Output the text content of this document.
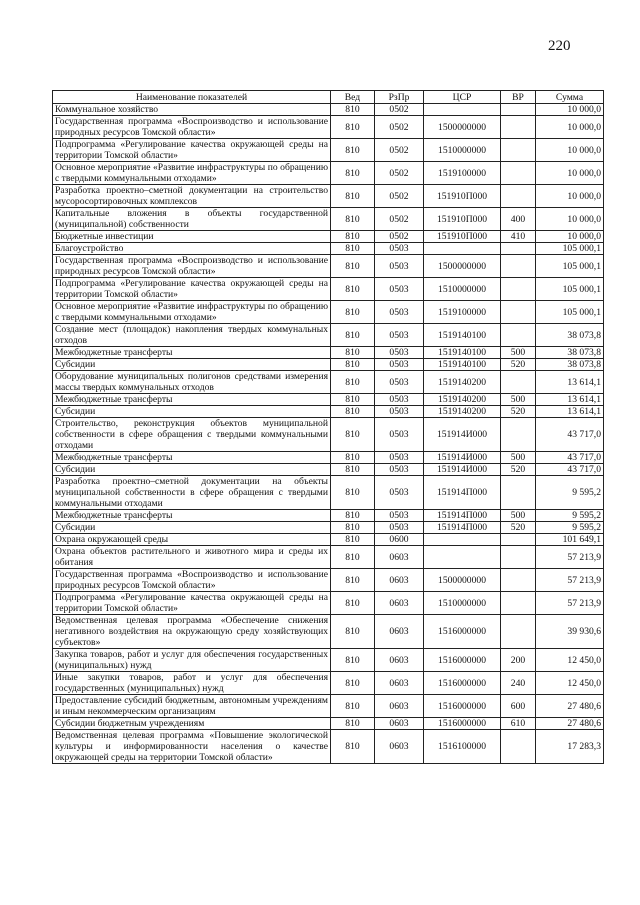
220
Наименование показателей	Вед	РзПр	ЦСР	ВР	Сумма
Коммунальное хозяйство	810	0502			10 000,0
Государственная программа «Воспроизводство и использование природных ресурсов Томской области»	810	0502	1500000000		10 000,0
Подпрограмма «Регулирование качества окружающей среды на территории Томской области»	810	0502	1510000000		10 000,0
Основное мероприятие «Развитие инфраструктуры по обращению с твердыми коммунальными отходами»	810	0502	1519100000		10 000,0
Разработка проектно–сметной документации на строительство мусоросортировочных комплексов	810	0502	151910П000		10 000,0
Капитальные вложения в объекты государственной (муниципальной) собственности	810	0502	151910П000	400	10 000,0
Бюджетные инвестиции	810	0502	151910П000	410	10 000,0
Благоустройство	810	0503			105 000,1
Государственная программа «Воспроизводство и использование природных ресурсов Томской области»	810	0503	1500000000		105 000,1
Подпрограмма «Регулирование качества окружающей среды на территории Томской области»	810	0503	1510000000		105 000,1
Основное мероприятие «Развитие инфраструктуры по обращению с твердыми коммунальными отходами»	810	0503	1519100000		105 000,1
Создание мест (площадок) накопления твердых коммунальных отходов	810	0503	1519140100		38 073,8
Межбюджетные трансферты	810	0503	1519140100	500	38 073,8
Субсидии	810	0503	1519140100	520	38 073,8
Оборудование муниципальных полигонов средствами измерения массы твердых коммунальных отходов	810	0503	1519140200		13 614,1
Межбюджетные трансферты	810	0503	1519140200	500	13 614,1
Субсидии	810	0503	1519140200	520	13 614,1
Строительство, реконструкция объектов муниципальной собственности в сфере обращения с твердыми коммунальными отходами	810	0503	151914И000		43 717,0
Межбюджетные трансферты	810	0503	151914И000	500	43 717,0
Субсидии	810	0503	151914И000	520	43 717,0
Разработка проектно–сметной документации на объекты муниципальной собственности в сфере обращения с твердыми коммунальными отходами	810	0503	151914П000		9 595,2
Межбюджетные трансферты	810	0503	151914П000	500	9 595,2
Субсидии	810	0503	151914П000	520	9 595,2
Охрана окружающей среды	810	0600			101 649,1
Охрана объектов растительного и животного мира и среды их обитания	810	0603			57 213,9
Государственная программа «Воспроизводство и использование природных ресурсов Томской области»	810	0603	1500000000		57 213,9
Подпрограмма «Регулирование качества окружающей среды на территории Томской области»	810	0603	1510000000		57 213,9
Ведомственная целевая программа «Обеспечение снижения негативного воздействия на окружающую среду хозяйствующих субъектов»	810	0603	1516000000		39 930,6
Закупка товаров, работ и услуг для обеспечения государственных (муниципальных) нужд	810	0603	1516000000	200	12 450,0
Иные закупки товаров, работ и услуг для обеспечения государственных (муниципальных) нужд	810	0603	1516000000	240	12 450,0
Предоставление субсидий бюджетным, автономным учреждениям и иным некоммерческим организациям	810	0603	1516000000	600	27 480,6
Субсидии бюджетным учреждениям	810	0603	1516000000	610	27 480,6
Ведомственная целевая программа «Повышение экологической культуры и информированности населения о качестве окружающей среды на территории Томской области»	810	0603	1516100000		17 283,3
